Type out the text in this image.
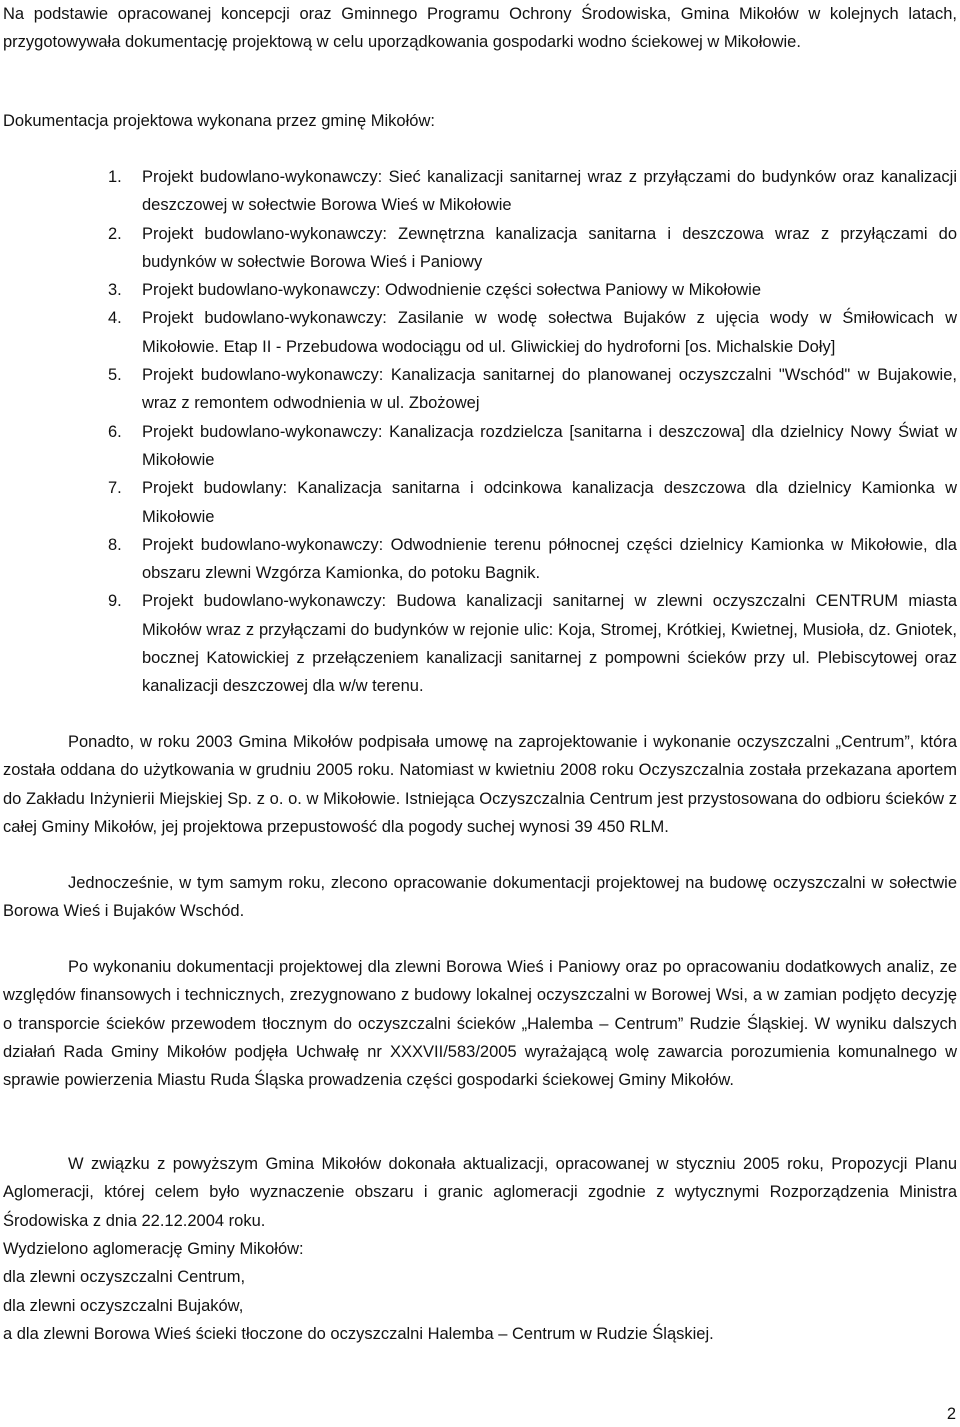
Na podstawie opracowanej koncepcji oraz Gminnego Programu Ochrony Środowiska, Gmina Mikołów w kolejnych latach, przygotowywała dokumentację projektową w celu uporządkowania gospodarki wodno ściekowej w Mikołowie.

Dokumentacja projektowa wykonana przez gminę Mikołów:

1. Projekt budowlano-wykonawczy: Sieć kanalizacji sanitarnej wraz z przyłączami do budynków oraz kanalizacji deszczowej w sołectwie Borowa Wieś w Mikołowie
2. Projekt budowlano-wykonawczy: Zewnętrzna kanalizacja sanitarna i deszczowa wraz z przyłączami do budynków w sołectwie Borowa Wieś i Paniowy
3. Projekt budowlano-wykonawczy: Odwodnienie części sołectwa Paniowy w Mikołowie
4. Projekt budowlano-wykonawczy: Zasilanie w wodę sołectwa Bujaków z ujęcia wody w Śmiłowicach w Mikołowie. Etap II - Przebudowa wodociągu od ul. Gliwickiej do hydroforni [os. Michalskie Doły]
5. Projekt budowlano-wykonawczy: Kanalizacja sanitarnej do planowanej oczyszczalni "Wschód" w Bujakowie, wraz z remontem odwodnienia w ul. Zbożowej
6. Projekt budowlano-wykonawczy: Kanalizacja rozdzielcza [sanitarna i deszczowa] dla dzielnicy Nowy Świat w Mikołowie
7. Projekt budowlany: Kanalizacja sanitarna i odcinkowa kanalizacja deszczowa dla dzielnicy Kamionka w Mikołowie
8. Projekt budowlano-wykonawczy: Odwodnienie terenu północnej części dzielnicy Kamionka w Mikołowie, dla obszaru zlewni Wzgórza Kamionka, do potoku Bagnik.
9. Projekt budowlano-wykonawczy: Budowa kanalizacji sanitarnej w zlewni oczyszczalni CENTRUM miasta Mikołów wraz z przyłączami do budynków w rejonie ulic: Koja, Stromej, Krótkiej, Kwietnej, Musioła, dz. Gniotek, bocznej Katowickiej z przełączeniem kanalizacji sanitarnej z pompowni ścieków przy ul. Plebiscytowej oraz kanalizacji deszczowej dla w/w terenu.

Ponadto, w roku 2003 Gmina Mikołów podpisała umowę na zaprojektowanie i wykonanie oczyszczalni „Centrum”, która została oddana do użytkowania w grudniu 2005 roku. Natomiast w kwietniu 2008 roku Oczyszczalnia została przekazana aportem do Zakładu Inżynierii Miejskiej Sp. z o. o. w Mikołowie. Istniejąca Oczyszczalnia Centrum jest przystosowana do odbioru ścieków z całej Gminy Mikołów, jej projektowa przepustowość dla pogody suchej wynosi 39 450 RLM.

Jednocześnie, w tym samym roku, zlecono opracowanie dokumentacji projektowej na budowę oczyszczalni w sołectwie Borowa Wieś i Bujaków Wschód.

Po wykonaniu dokumentacji projektowej dla zlewni Borowa Wieś i Paniowy oraz po opracowaniu dodatkowych analiz, ze względów finansowych i technicznych, zrezygnowano z budowy lokalnej oczyszczalni w Borowej Wsi, a w zamian podjęto decyzję o transporcie ścieków przewodem tłocznym do oczyszczalni ścieków „Halemba – Centrum” Rudzie Śląskiej. W wyniku dalszych działań Rada Gminy Mikołów podjęła Uchwałę nr XXXVII/583/2005 wyrażającą wolę zawarcia porozumienia komunalnego w sprawie powierzenia Miastu Ruda Śląska prowadzenia części gospodarki ściekowej Gminy Mikołów.

W związku z powyższym Gmina Mikołów dokonała aktualizacji, opracowanej w styczniu 2005 roku, Propozycji Planu Aglomeracji, której celem było wyznaczenie obszaru i granic aglomeracji zgodnie z wytycznymi Rozporządzenia Ministra Środowiska z dnia 22.12.2004 roku.

Wydzielono aglomerację Gminy Mikołów:
dla zlewni oczyszczalni Centrum,
dla zlewni oczyszczalni Bujaków,
a dla zlewni Borowa Wieś ścieki tłoczone do oczyszczalni Halemba – Centrum w Rudzie Śląskiej.
2
